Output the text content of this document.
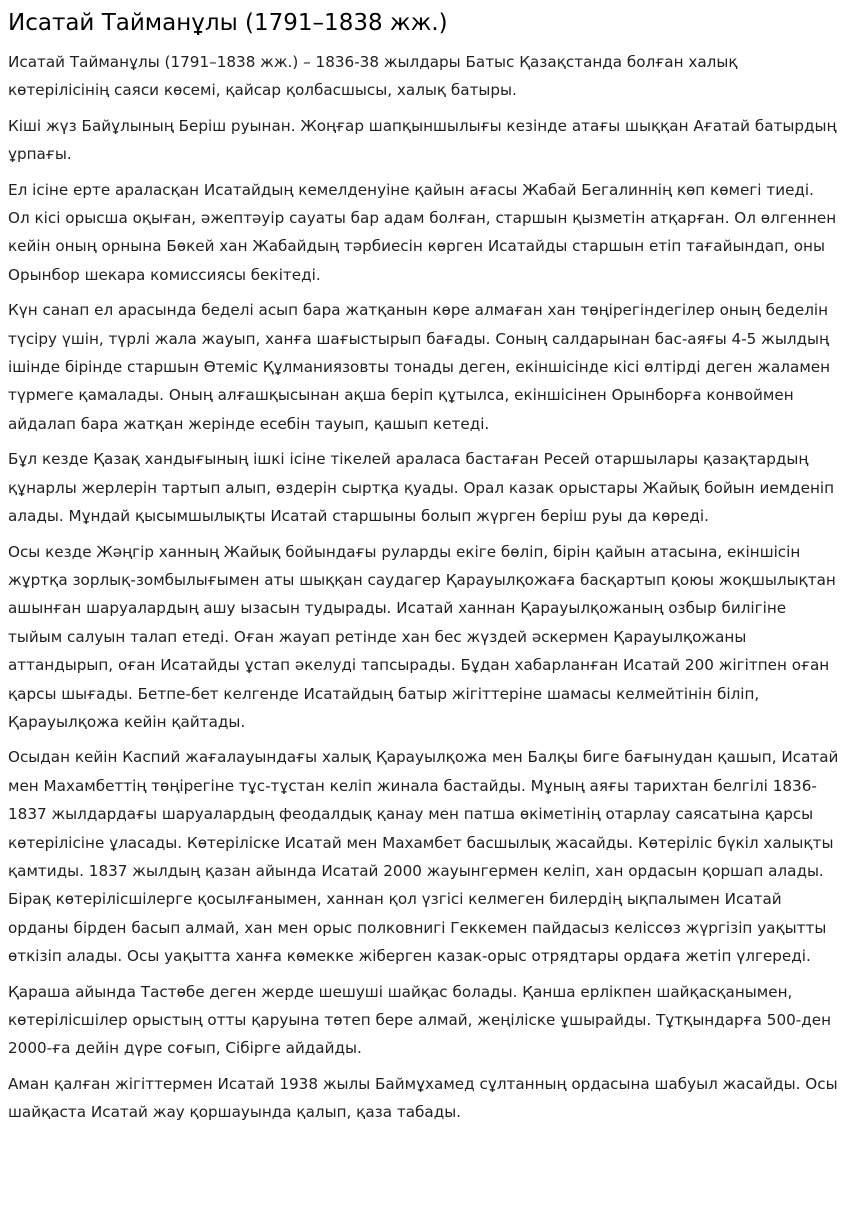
Исатай Тайманұлы (1791–1838 жж.)

Исатай Тайманұлы (1791–1838 жж.) – 1836-38 жылдары Батыс Қазақстанда болған халық көтерілісінің саяси көсемі, қайсар қолбасшысы, халық батыры.

Кіші жүз Байұлының Беріш руынан. Жоңғар шапқыншылығы кезінде атағы шыққан Ағатай батырдың ұрпағы.

Ел ісіне ерте араласқан Исатайдың кемелденуіне қайын ағасы Жабай Бегалиннің көп көмегі тиеді. Ол кісі орысша оқыған, әжептәуір сауаты бар адам болған, старшын қызметін атқарған. Ол өлгеннен кейін оның орнына Бөкей хан Жабайдың тәрбиесін көрген Исатайды старшын етіп тағайындап, оны Орынбор шекара комиссиясы бекітеді.

Күн санап ел арасында беделі асып бара жатқанын көре алмаған хан төңірегіндегілер оның беделін түсіру үшін, түрлі жала жауып, ханға шағыстырып бағады. Соның салдарынан бас-аяғы 4-5 жылдың ішінде бірінде старшын Өтеміс Құлманиязовты тонады деген, екіншісінде кісі өлтірді деген жаламен түрмеге қамалады. Оның алғашқысынан ақша беріп құтылса, екіншісінен Орынборға конвоймен айдалап бара жатқан жерінде есебін тауып, қашып кетеді.

Бұл кезде Қазақ хандығының ішкі ісіне тікелей араласа бастаған Ресей отаршылары қазақтардың құнарлы жерлерін тартып алып, өздерін сыртқа қуады. Орал казак орыстары Жайық бойын иемденіп алады. Мұндай қысымшылықты Исатай старшыны болып жүрген беріш руы да көреді.

Осы кезде Жәңгір ханның Жайық бойындағы руларды екіге бөліп, бірін қайын атасына, екіншісін жұртқа зорлық-зомбылығымен аты шыққан саудагер Қарауылқожаға басқартып қоюы жоқшылықтан ашынған шаруалардың ашу ызасын тудырады. Исатай ханнан Қарауылқожаның озбыр билігіне тыйым салуын талап етеді. Оған жауап ретінде хан бес жүздей әскермен Қарауылқожаны аттандырып, оған Исатайды ұстап әкелуді тапсырады. Бұдан хабарланған Исатай 200 жігітпен оған қарсы шығады. Бетпе-бет келгенде Исатайдың батыр жігіттеріне шамасы келмейтінін біліп, Қарауылқожа кейін қайтады.

Осыдан кейін Каспий жағалауындағы халық Қарауылқожа мен Балқы биге бағынудан қашып, Исатай мен Махамбеттің төңірегіне тұс-тұстан келіп жинала бастайды. Мұның аяғы тарихтан белгілі 1836-1837 жылдардағы шаруалардың феодалдық қанау мен патша өкіметінің отарлау саясатына қарсы көтерілісіне ұласады. Көтеріліске Исатай мен Махамбет басшылық жасайды. Көтеріліс бүкіл халықты қамтиды. 1837 жылдың қазан айында Исатай 2000 жауынгермен келіп, хан ордасын қоршап алады. Бірақ көтерілісшілерге қосылғанымен, ханнан қол үзгісі келмеген билердің ықпалымен Исатай орданы бірден басып алмай, хан мен орыс полковнигі Геккемен пайдасыз келіссөз жүргізіп уақытты өткізіп алады. Осы уақытта ханға көмекке жіберген казак-орыс отрядтары ордаға жетіп үлгереді.

Қараша айында Тастөбе деген жерде шешуші шайқас болады. Қанша ерлікпен шайқасқанымен, көтерілісшілер орыстың отты қаруына төтеп бере алмай, жеңіліске ұшырайды. Тұтқындарға 500-ден 2000-ға дейін дүре соғып, Сібірге айдайды.

Аман қалған жігіттермен Исатай 1938 жылы Баймұхамед сұлтанның ордасына шабуыл жасайды. Осы шайқаста Исатай жау қоршауында қалып, қаза табады.
